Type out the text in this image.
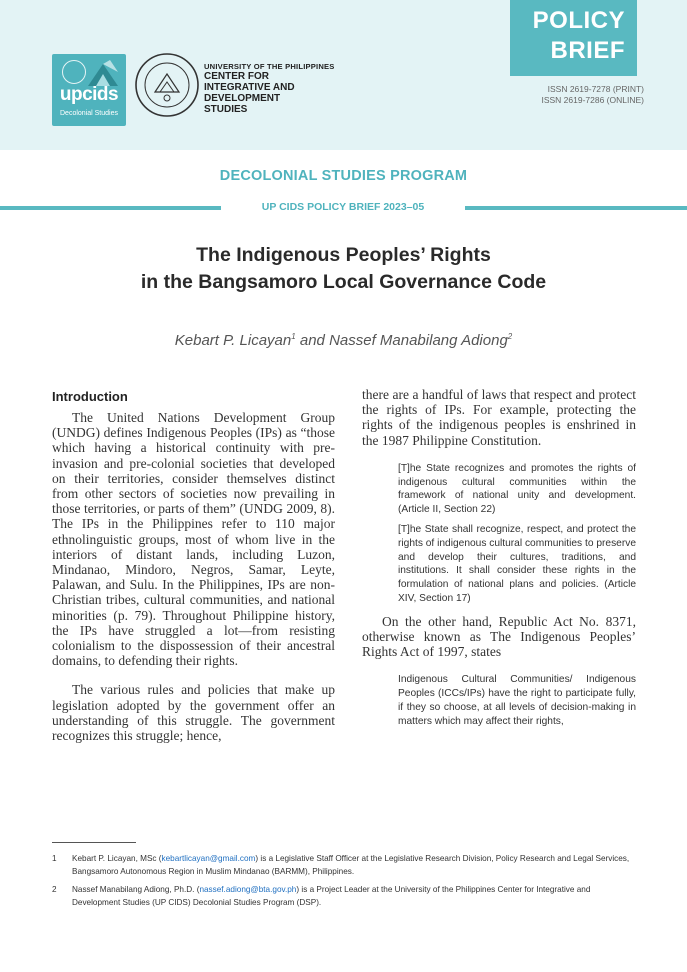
POLICY
BRIEF
ISSN 2619-7278 (PRINT)
ISSN 2619-7286 (ONLINE)
upcids
Decolonial Studies
UNIVERSITY OF THE PHILIPPINES
CENTER FOR
INTEGRATIVE AND
DEVELOPMENT
STUDIES
DECOLONIAL STUDIES PROGRAM
UP CIDS POLICY BRIEF 2023–05
The Indigenous Peoples’ Rights
in the Bangsamoro Local Governance Code
Kebart P. Licayan$^1$ and Nassef Manabilang Adiong$^2$
Introduction

The United Nations Development Group (UNDG) defines Indigenous Peoples (IPs) as “those which having a historical continuity with pre-invasion and pre-colonial societies that developed on their territories, consider themselves distinct from other sectors of societies now prevailing in those territories, or parts of them” (UNDG 2009, 8). The IPs in the Philippines refer to 110 major ethnolinguistic groups, most of whom live in the interiors of distant lands, including Luzon, Mindanao, Mindoro, Negros, Samar, Leyte, Palawan, and Sulu. In the Philippines, IPs are non-Christian tribes, cultural communities, and national minorities (p. 79). Throughout Philippine history, the IPs have struggled a lot—from resisting colonialism to the dispossession of their ancestral domains, to defending their rights.

The various rules and policies that make up legislation adopted by the government offer an understanding of this struggle. The government recognizes this struggle; hence,

there are a handful of laws that respect and protect the rights of IPs. For example, protecting the rights of the indigenous peoples is enshrined in the 1987 Philippine Constitution.

[T]he State recognizes and promotes the rights of indigenous cultural communities within the framework of national unity and development. (Article II, Section 22)
[T]he State shall recognize, respect, and protect the rights of indigenous cultural communities to preserve and develop their cultures, traditions, and institutions. It shall consider these rights in the formulation of national plans and policies. (Article XIV, Section 17)

On the other hand, Republic Act No. 8371, otherwise known as The Indigenous Peoples’ Rights Act of 1997, states

Indigenous Cultural Communities/ Indigenous Peoples (ICCs/IPs) have the right to participate fully, if they so choose, at all levels of decision-making in matters which may affect their rights,
1 Kebart P. Licayan, MSc (kebartlicayan@gmail.com) is a Legislative Staff Officer at the Legislative Research Division, Policy Research and Legal Services, Bangsamoro Autonomous Region in Muslim Mindanao (BARMM), Philippines.
2 Nassef Manabilang Adiong, Ph.D. (nassef.adiong@bta.gov.ph) is a Project Leader at the University of the Philippines Center for Integrative and Development Studies (UP CIDS) Decolonial Studies Program (DSP).
